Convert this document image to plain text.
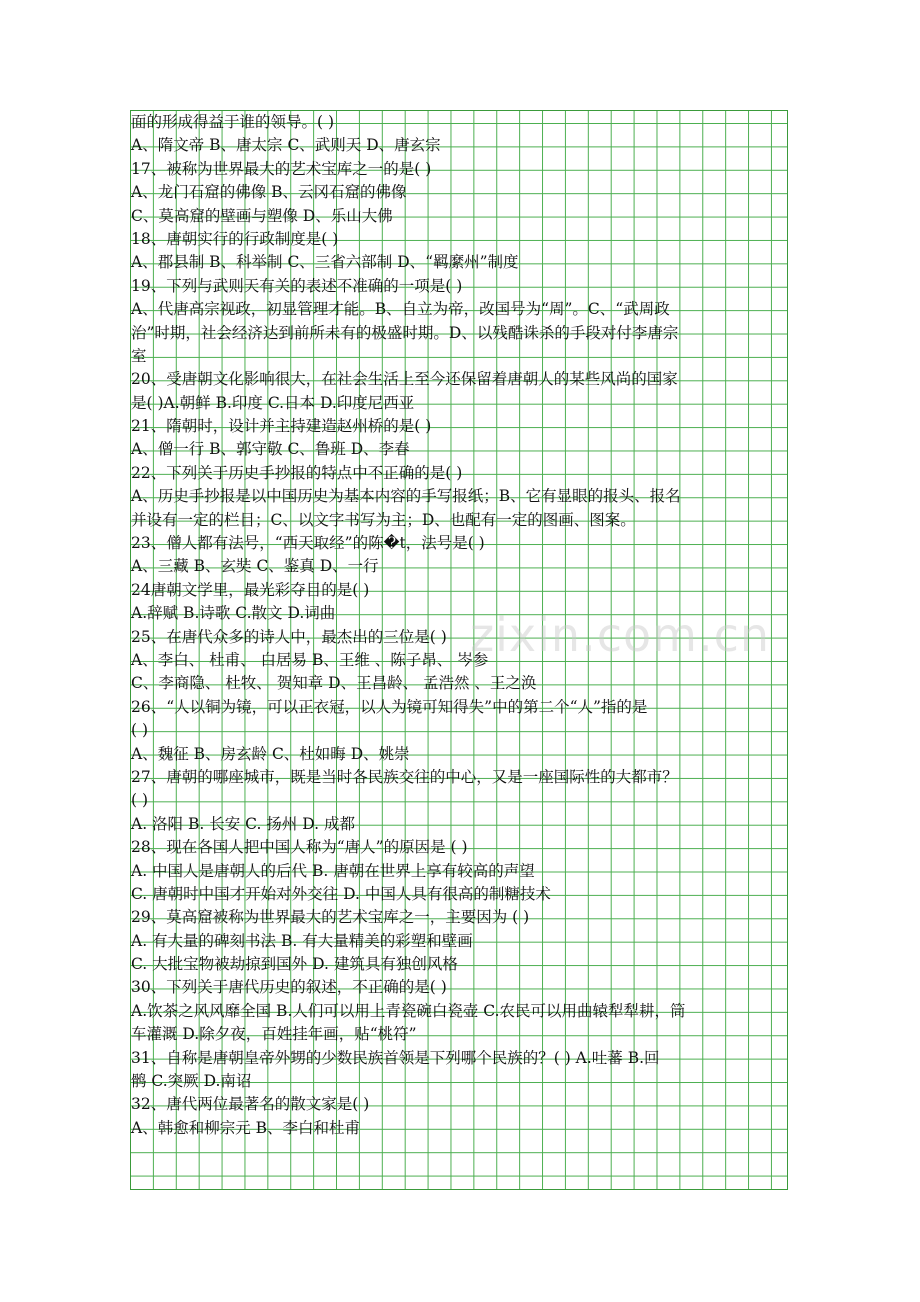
面的形成得益于谁的领导。( )
A、隋文帝 B、唐太宗 C、武则天 D、唐玄宗
17、被称为世界最大的艺术宝库之一的是( )
A、龙门石窟的佛像 B、云冈石窟的佛像
C、莫高窟的壁画与塑像 D、乐山大佛
18、唐朝实行的行政制度是( )
A、郡县制 B、科举制 C、三省六部制 D、“羁縻州”制度
19、下列与武则天有关的表述不准确的一项是( )
A、代唐高宗视政，初显管理才能。B、自立为帝，改国号为“周”。C、“武周政
治”时期，社会经济达到前所未有的极盛时期。D、以残酷诛杀的手段对付李唐宗
室
20、受唐朝文化影响很大，在社会生活上至今还保留着唐朝人的某些风尚的国家
是( )A.朝鲜 B.印度 C.日本 D.印度尼西亚
21、隋朝时，设计并主持建造赵州桥的是( )
A、僧一行 B、郭守敬 C、鲁班 D、李春
22、下列关于历史手抄报的特点中不正确的是( )
A、历史手抄报是以中国历史为基本内容的手写报纸；B、它有显眼的报头、报名
并设有一定的栏目；C、以文字书写为主；D、也配有一定的图画、图案。
23、僧人都有法号，“西天取经”的陈�t，法号是( )
A、三藏 B、玄奘 C、鉴真 D、一行
24唐朝文学里，最光彩夺目的是( )
A.辞赋 B.诗歌 C.散文 D.词曲
25、在唐代众多的诗人中，最杰出的三位是( )
A、李白、 杜甫、 白居易 B、王维 、陈子昂、 岑参
C、李商隐、 杜牧、 贺知章 D、王昌龄、 孟浩然 、王之涣
26、“人以铜为镜，可以正衣冠，以人为镜可知得失”中的第二个“人”指的是
( )
A、魏征 B、房玄龄 C、杜如晦 D、姚崇
27、唐朝的哪座城市，既是当时各民族交往的中心，又是一座国际性的大都市？
( )
A. 洛阳 B. 长安 C. 扬州 D. 成都
28、现在各国人把中国人称为“唐人”的原因是 ( )
A. 中国人是唐朝人的后代 B. 唐朝在世界上享有较高的声望
C. 唐朝时中国才开始对外交往 D. 中国人具有很高的制糖技术
29、莫高窟被称为世界最大的艺术宝库之一，主要因为 ( )
A. 有大量的碑刻书法 B. 有大量精美的彩塑和壁画
C. 大批宝物被劫掠到国外 D. 建筑具有独创风格
30、下列关于唐代历史的叙述，不正确的是( )
A.饮茶之风风靡全国 B.人们可以用上青瓷碗白瓷壶 C.农民可以用曲辕犁犁耕，筒
车灌溉 D.除夕夜，百姓挂年画，贴“桃符”
31、自称是唐朝皇帝外甥的少数民族首领是下列哪个民族的？( ) A.吐蕃 B.回
鹘 C.突厥 D.南诏
32、唐代两位最著名的散文家是( )
A、韩愈和柳宗元 B、李白和杜甫
zixin.com.cn
